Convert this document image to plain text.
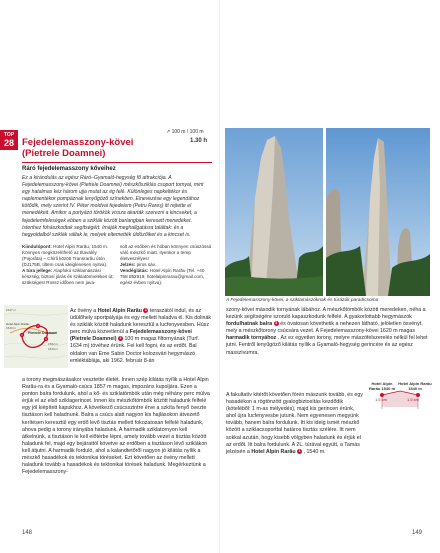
TOP
28
↗ 100 m \ 100 m
Fejedelemasszony-kövei (Pietrele Doamnei)
1.30 h
Ráró fejedelemasszony kőveihez

Ez a kirándulás az egész Ráró–Gyamaló-hegység fő attrakciója. A Fejedelemasszony-kövei (Pietrele Doamnei) mészkősziklás csoport tornyai, mint egy hatalmas kéz három ujja mutat az ég felé. Különleges napkeltékor és naplementékor pompáznak lenyűgöző színekben. Elnevezése egy legendához kötődik, mely szerint IV. Péter moldvai fejedelem (Petru Rareș) itt rejtette el menedékeit. Amikor a portyázó törökök vissza akarták szerezni a kincseket, a fejedelemfeleségek ebben a sziklák között barlangban keresett menedéket. Istenhez fohászkodtak segítségért. Imáják meghallgatásra találtak: és a hegyoldalból sziklák váltak le, melyek eltemették üldözőiket és a kincset is.

Kiindulópont: Hotel Alpin Rarău, 1540 m. Könnyen megközelíthető az Iltaváléy (Pojorâta) – Chirli között Transrarău útón (DJ175B, tiltem csak ideiglenesen nyitva).
A túra jellege: Alapfokú sziklamászási készség, biztosí járás és sziklatörmelékes út; szükséges! Rossz időben nem java-

solt az esőben és hóban könnyen csúszóssá váló mészkő miatt. Ilyenkor a terep életveszélyes!
Jelzés: piros sáv.
Vendéglátás: Hotel Alpin Rarău (Tel. +40 758 852919, hotelalpinrarau@gmail.com, egész évben nyitva).

1
2
3
1647 m
Hotel Alpin Rarău
1540 m
Pietrele Doamnei
1562 m
1620 m

Az övény a Hotel Alpin Rarău 1 teraszától indul, és az üdülőhely sportpályája és egy mellett haladva él. Kis dolinák és sziklák között haladunk keresztül a lucfenyvesben. Húsz perc múlva közvetlenül a Fejedelemasszony-kövei (Pietrele Doamnei) 2 100 m magas filtornyának (Turf. 1634 m) tövéhez érünk. Fel kell fogni, és az erdőt. Bal oldalon van Eme Sabin Doctor kolozsvári hegymászó emléktáblája, aki 1962. február 8-án

a torony megmászásakor vesztette életét. Innen szép kilátás nyílik a Hotel Alpin Rarău-ra és a Gyamaló-csúcs 1857 m magas, impozáns kupoljára. Ezen a ponton balra fordulunk, ahol a kő- és sziklatömbök után még néhány perc múlva érjük el az első sziklagerincet. Innen kis mészkőtömbök között haladunk felfelé egy jól kiépített kapukhoz. A következő csúcsszintre érve a szkíta fenyő övezte tisztáson kell haladnunk. Balra a csúcs alatt nagyon kis hajlásokon átvezető kerítésen keresztül egy erdő levő tisztás mellett fokozatosan felfelé haladunk, ahova pedig a torony irányába haladunk. A harmadik sziklatornyon kell átkelnünk, a tisztáson le kell előtérbe lépni, amely tovább vezet a tisztás között haladunk fel, majd egy bejárattól követve az erdőben a tisztáson lévő sziklákon kell átjutni. A harmadik forduló, ahol a kalandtetőről nagyon jó kilátás nyílik a mészkő hasadékok és tektonikai töréseket. Ezt követően az övény mellett haladunk tovább a hasadékok és tektonikai törések haladunk. Megérkeztünk a Fejedelemasszony-

148
A Fejedelemasszony-kövei, a sziklamászóknak és túrázók paradicsoma

szony-kövei második tornyának lábához. A mészkőtömbök között meredeken, néha a kezünk segítségére szoruló kapaszkodunk felfelé. A gyakorlottabb hegymászók fordulhatnak balra 3 és óvatosan követhetik a nehezen látható, jelöletlen ösvényt, mely a mészkőtorony csúcsára vezet. A Fejedelemasszony-kövei 1620 m magas harmadik tornyához . Az ez egyetlen torony, melyre mászófelszerelés nélkül fel lehet jutni. Fentről lenyűgöző kilátás nyílik a Gyamaló-hegység gerincére és az egész masszívumra.

A fakultatív kitérőt követően fórén mászunk tovább, és egy hasadékon a rögtönzött gyalogbiztosítás kezdődik (köteléből: 1 m-as mélyedés), majd kis gerincen érünk, ahol újra lucfenyvesbe jutunk. Nem egyenesen megyünk tovább, hanem balra fordulunk. Itt kis ideig ismét mészkő között a sziklacsoporttal határos tisztás szélére. Itt nem sokkal azután, hogy kisebb völgyben haladunk és érjük el az erdőt. Itt balra fordulunk. A 2L. túrával együtt, a Tamás jelzésén a Hotel Alpin Rarău 1 , 1540 m.

Hotel Alpin Rarău 1540 m
Hotel Alpin Rarău 1540 m
1.5 km	1.5 km
149
